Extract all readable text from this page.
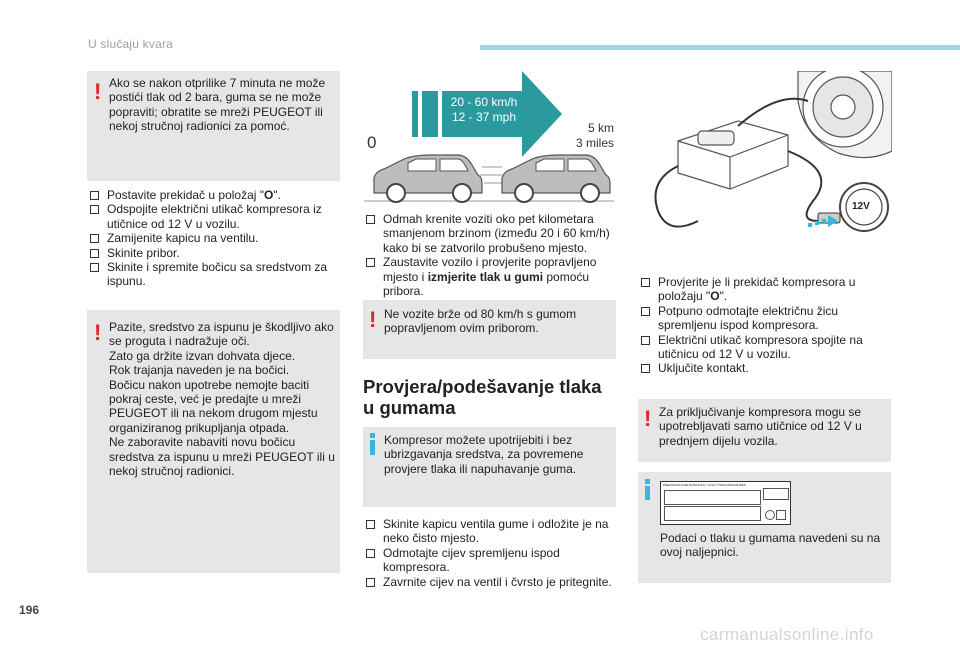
U slučaju kvara
! Ako se nakon otprilike 7 minuta ne može postići tlak od 2 bara, guma se ne može popraviti; obratite se mreži PEUGEOT ili nekoj stručnoj radionici za pomoć.
Postavite prekidač u položaj "O".
Odspojite električni utikač kompresora iz utičnice od 12 V u vozilu.
Zamijenite kapicu na ventilu.
Skinite pribor.
Skinite i spremite bočicu sa sredstvom za ispunu.
! Pazite, sredstvo za ispunu je škodljivo ako se proguta i nadražuje oči.
Zato ga držite izvan dohvata djece.
Rok trajanja naveden je na bočici.
Bočicu nakon upotrebe nemojte baciti pokraj ceste, već je predajte u mreži PEUGEOT ili na nekom drugom mjestu organiziranog prikupljanja otpada.
Ne zaboravite nabaviti novu bočicu sredstva za ispunu u mreži PEUGEOT ili u nekoj stručnoj radionici.
0
20 - 60 km/h
12 - 37 mph
5 km
3 miles
Odmah krenite voziti oko pet kilometara smanjenom brzinom (između 20 i 60 km/h) kako bi se zatvorilo probušeno mjesto.
Zaustavite vozilo i provjerite popravljeno mjesto i izmjerite tlak u gumi pomoću pribora.
! Ne vozite brže od 80 km/h s gumom popravljenom ovim priborom.
Provjera/podešavanje tlaka
u gumama
Kompresor možete upotrijebiti i bez ubrizgavanja sredstva, za povremene provjere tlaka ili napuhavanje guma.
Skinite kapicu ventila gume i odložite je na neko čisto mjesto.
Odmotajte cijev spremljenu ispod kompresora.
Zavrnite cijev na ventil i čvrsto je pritegnite.
12V
Provjerite je li prekidač kompresora u položaju "O".
Potpuno odmotajte električnu žicu spremljenu ispod kompresora.
Električni utikač kompresora spojite na utičnicu od 12 V u vozilu.
Uključite kontakt.
! Za priključivanje kompresora mogu se upotrebljavati samo utičnice od 12 V u prednjem dijelu vozila.
PRESSIONS PNEUS/TRUCKS / COLD TYRES PRESSURES
Podaci o tlaku u gumama navedeni su na ovoj naljepnici.
196
carmanualsonline.info
